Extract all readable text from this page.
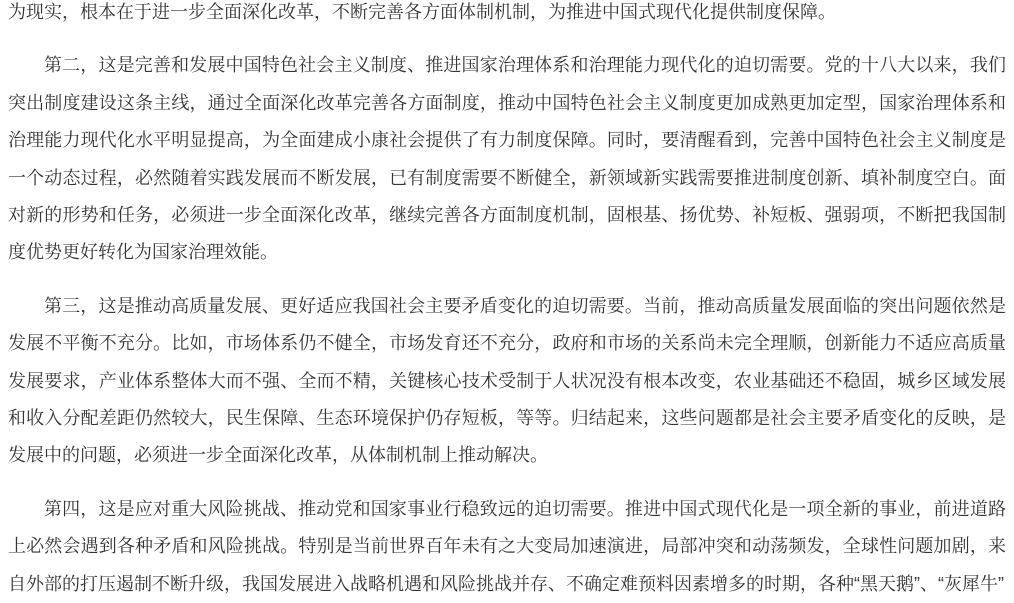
为现实，根本在于进一步全面深化改革，不断完善各方面体制机制，为推进中国式现代化提供制度保障。

第二，这是完善和发展中国特色社会主义制度、推进国家治理体系和治理能力现代化的迫切需要。党的十八大以来，我们突出制度建设这条主线，通过全面深化改革完善各方面制度，推动中国特色社会主义制度更加成熟更加定型，国家治理体系和治理能力现代化水平明显提高，为全面建成小康社会提供了有力制度保障。同时，要清醒看到，完善中国特色社会主义制度是一个动态过程，必然随着实践发展而不断发展，已有制度需要不断健全，新领域新实践需要推进制度创新、填补制度空白。面对新的形势和任务，必须进一步全面深化改革，继续完善各方面制度机制，固根基、扬优势、补短板、强弱项，不断把我国制度优势更好转化为国家治理效能。

第三，这是推动高质量发展、更好适应我国社会主要矛盾变化的迫切需要。当前，推动高质量发展面临的突出问题依然是发展不平衡不充分。比如，市场体系仍不健全，市场发育还不充分，政府和市场的关系尚未完全理顺，创新能力不适应高质量发展要求，产业体系整体大而不强、全而不精，关键核心技术受制于人状况没有根本改变，农业基础还不稳固，城乡区域发展和收入分配差距仍然较大，民生保障、生态环境保护仍存短板，等等。归结起来，这些问题都是社会主要矛盾变化的反映，是发展中的问题，必须进一步全面深化改革，从体制机制上推动解决。

第四，这是应对重大风险挑战、推动党和国家事业行稳致远的迫切需要。推进中国式现代化是一项全新的事业，前进道路上必然会遇到各种矛盾和风险挑战。特别是当前世界百年未有之大变局加速演进，局部冲突和动荡频发，全球性问题加剧，来自外部的打压遏制不断升级，我国发展进入战略机遇和风险挑战并存、不确定难预料因素增多的时期，各种“黑天鹅”、“灰犀牛”
